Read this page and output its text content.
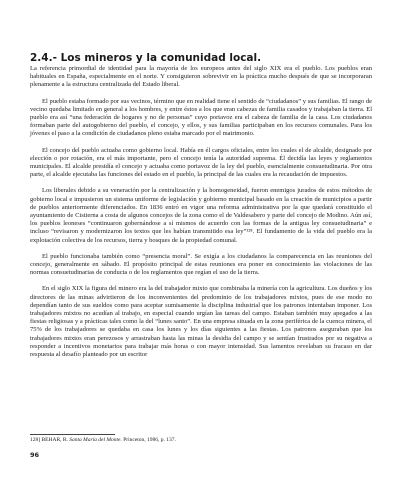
2.4.- Los mineros y la comunidad local.

La referencia primordial de identidad para la mayoría de los europeos antes del siglo XIX era el pueblo. Los pueblos eran habituales en España, especialmente en el norte. Y consiguieron sobrevivir en la práctica mucho después de que se incorporaran plenamente a la estructura centralizada del Estado liberal.

El pueblo estaba formado por sus vecinos, término que en realidad tiene el sentido de “ciudadanos” y sus familias. El rango de vecino quedaba limitado en general a los hombres, y entre éstos a los que eran cabezas de familia casados y trabajaban la tierra. El pueblo era así “una federación de hogares y no de personas” cuyo portavoz era el cabeza de familia de la casa. Los ciudadanos formaban parte del autogobierno del pueblo, el concejo, y ellos, y sus familias participaban en los recursos comunales. Para los jóvenes el paso a la condición de ciudadanos pleno estaba marcado por el matrimonio.

El concejo del pueblo actuaba como gobierno local. Había en él cargos oficiales, entre los cuales el de alcalde, designado por elección o por rotación, era el más importante, pero el concejo tenía la autoridad suprema. Él decidía las leyes y reglamentos municipales. El alcalde presidía el concejo y actuaba como portavoz de la ley del pueblo, esencialmente consuetudinaria. Por otra parte, el alcalde ejecutaba las funciones del estado en el pueblo, la principal de las cuales era la recaudación de impuestos.

Los liberales debido a su veneración por la centralización y la homogeneidad, fueron enemigos jurados de estos métodos de gobierno local e impusieron un sistema uniforme de legislación y gobierno municipal basado en la creación de municipios a partir de pueblos anteriormente diferenciados. En 1836 entró en vigor una reforma administrativa por la que quedará constituido el ayuntamiento de Cistierna a costa de algunos concejos de la zona como el de Valdesabero y parte del concejo de Modino. Aún así, los pueblos leoneses “continuaron gobernándose a sí mismos de acuerdo con las formas de la antigua ley consuetudinaria” e incluso “revisaron y modernizaron los textos que les habían transmitido esa ley”¹²⁸. El fundamento de la vida del pueblo era la explotación colectiva de los recursos, tierra y bosques de la propiedad comunal.

El pueblo funcionaba también como “presencia moral”. Se exigía a los ciudadanos la comparecencia en las reuniones del concejo, generalmente en sábado. El propósito principal de estas reuniones era poner en conocimiento las violaciones de las normas consuetudinarias de conducta o de los reglamentos que regían el uso de la tierra.

En el siglo XIX la figura del minero era la del trabajador mixto que combinaba la minería con la agricultura. Los dueños y los directores de las minas advirtieron de los inconvenientes del predominio de los trabajadores mixtos, pues de ese modo no dependían tanto de sus sueldos como para aceptar sumisamente la disciplina industrial que los patronos intentaban imponer. Los trabajadores mixtos no acudían al trabajo, en especial cuando urgían las tareas del campo. Estaban también muy apegados a las fiestas religiosas y a prácticas tales como la del “lunes santo”. En una empresa situada en la zona periférica de la cuenca minera, el 75% de los trabajadores se quedaba en casa los lunes y los días siguientes a las fiestas. Los patronos aseguraban que los trabajadores mixtos eran perezosos y arrastraban hasta las minas la desidia del campo y se sentían frustrados por su negativa a responder a incentivos monetarios para trabajar más horas o con mayor intensidad. Sus lamentos revelaban su fracaso en dar respuesta al desafío planteado por un escritor

128] BEHAR, R. Santa María del Monte. Princeton, 1986, p. 137.
96
